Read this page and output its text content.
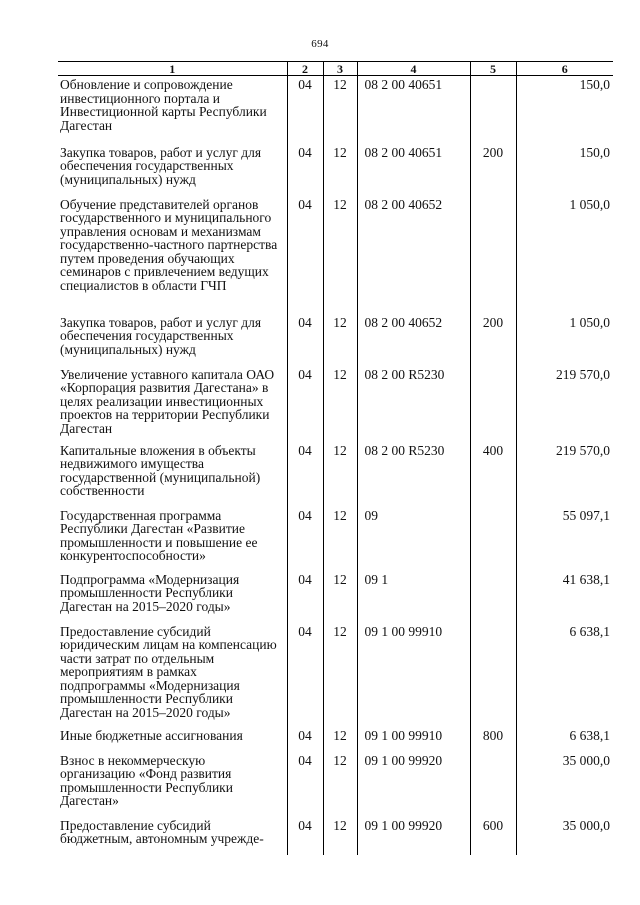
694
1	2	3	4	5	6
Обновление и сопровождение инвестиционного портала и Инвестиционной карты Республики Дагестан	04	12	08 2 00 40651		150,0
Закупка товаров, работ и услуг для обеспечения государственных (муниципальных) нужд	04	12	08 2 00 40651	200	150,0
Обучение представителей органов государственного и муниципального управления основам и механизмам государственно-частного партнерства путем проведения обучающих семинаров с привлечением ведущих специалистов в области ГЧП	04	12	08 2 00 40652		1 050,0
Закупка товаров, работ и услуг для обеспечения государственных (муниципальных) нужд	04	12	08 2 00 40652	200	1 050,0
Увеличение уставного капитала ОАО «Корпорация развития Дагестана» в целях реализации инвестиционных проектов на территории Республики Дагестан	04	12	08 2 00 R5230		219 570,0
Капитальные вложения в объекты недвижимого имущества государственной (муниципальной) собственности	04	12	08 2 00 R5230	400	219 570,0
Государственная программа Республики Дагестан «Развитие промышленности и повышение ее конкурентоспособности»	04	12	09		55 097,1
Подпрограмма «Модернизация промышленности Республики Дагестан на 2015–2020 годы»	04	12	09 1		41 638,1
Предоставление субсидий юридическим лицам на компенсацию части затрат по отдельным мероприятиям в рамках подпрограммы «Модернизация промышленности Республики Дагестан на 2015–2020 годы»	04	12	09 1 00 99910		6 638,1
Иные бюджетные ассигнования	04	12	09 1 00 99910	800	6 638,1
Взнос в некоммерческую организацию «Фонд развития промышленности Республики Дагестан»	04	12	09 1 00 99920		35 000,0
Предоставление субсидий бюджетным, автономным учрежде-	04	12	09 1 00 99920	600	35 000,0
